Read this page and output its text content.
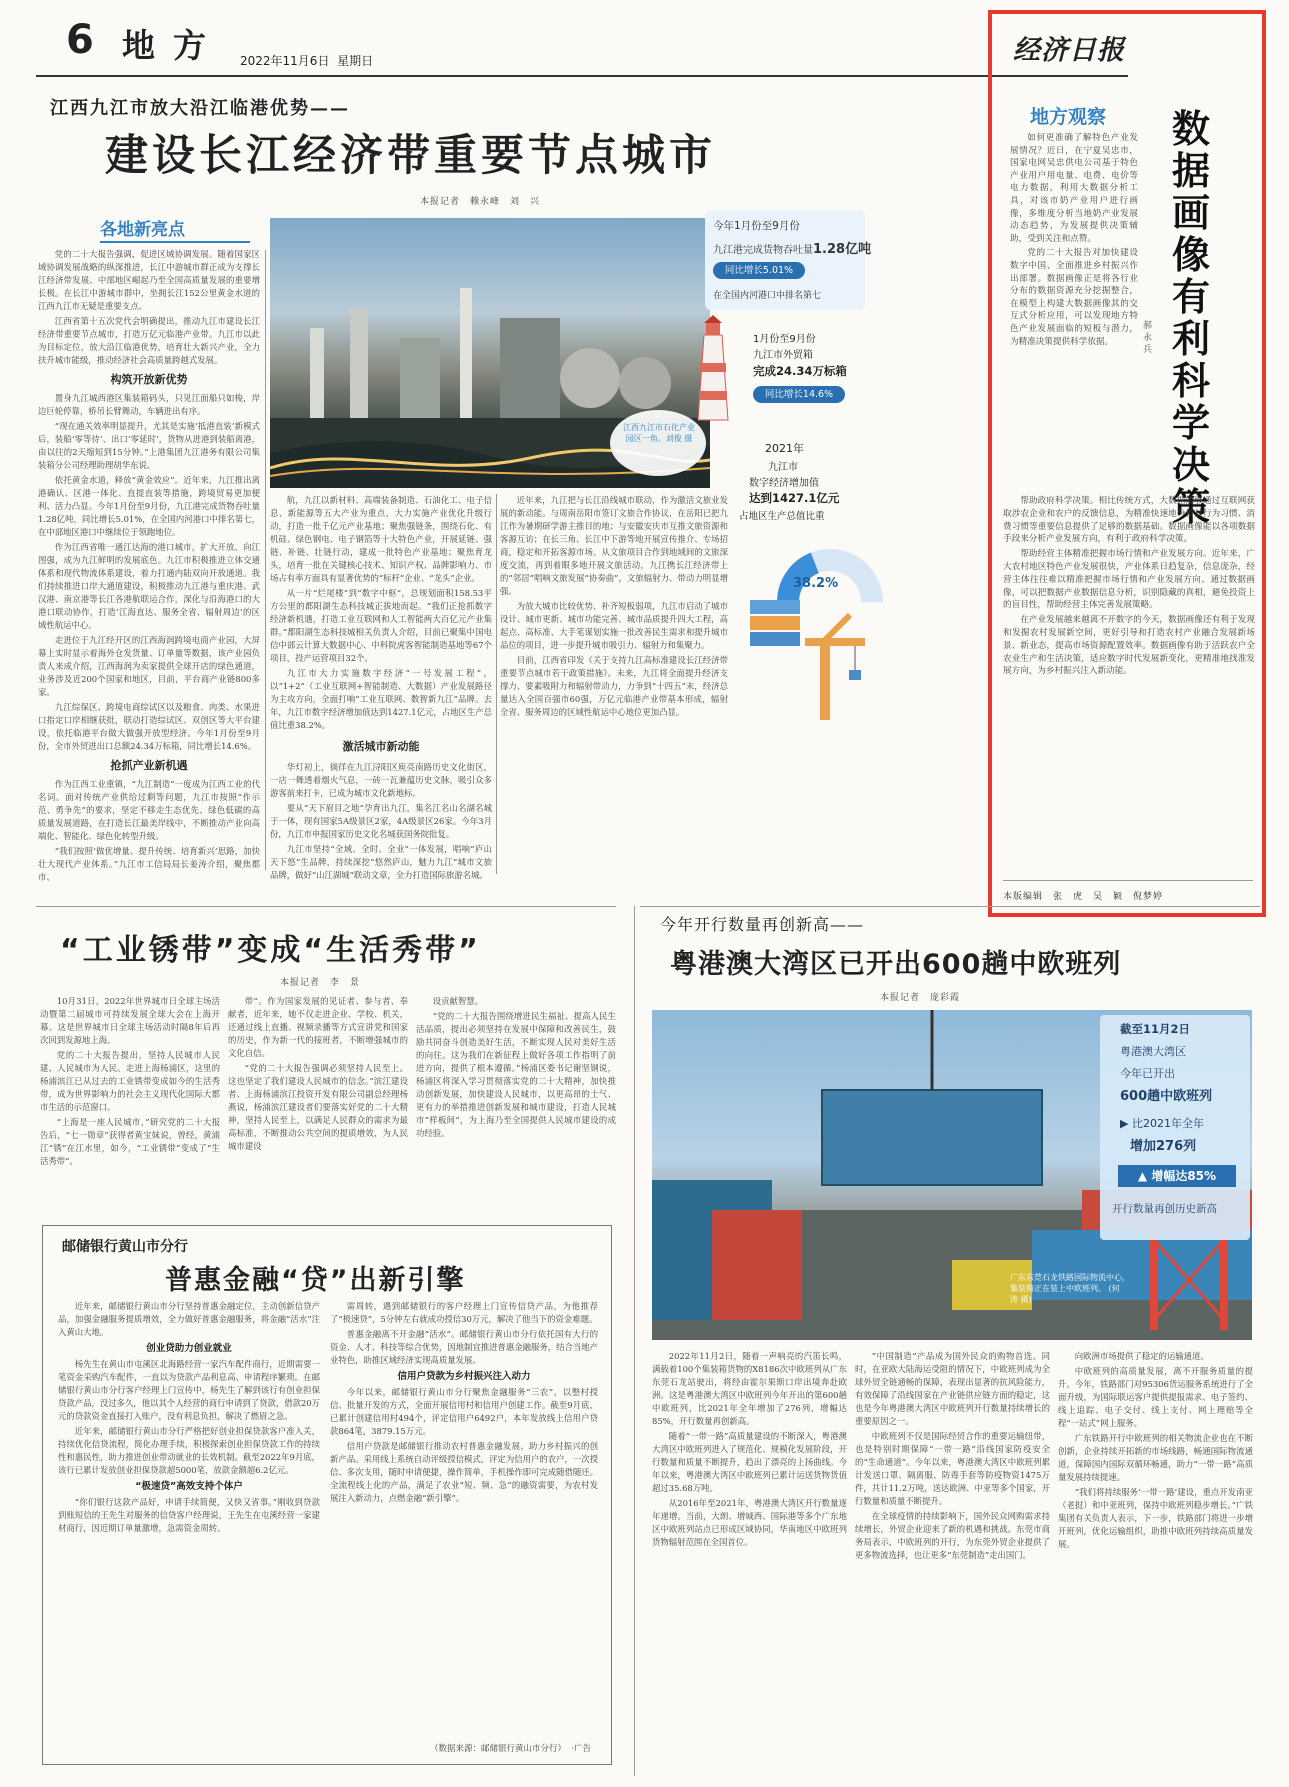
6 地方 2022年11月6日 星期日	经济日报
江西九江市放大沿江临港优势——
建设长江经济带重要节点城市
本报记者　赖永峰　刘　兴
各地新亮点

党的二十大报告强调，促进区域协调发展。随着国家区域协调发展战略的纵深推进，长江中游城市群正成为支撑长江经济带发展、中部地区崛起乃至全国高质量发展的重要增长极。在长江中游城市群中，坐拥长江152公里黄金水道的江西九江市无疑是重要支点。

江西省第十五次党代会明确提出，推动九江市建设长江经济带重要节点城市，打造万亿元临港产业带。九江市以此为目标定位，放大沿江临港优势，培育壮大新兴产业，全力扶升城市能级，推动经济社会高质量跨越式发展。

构筑开放新优势

置身九江城西港区集装箱码头，只见江面船只如梭，岸边巨轮停靠，桥吊长臂舞动，车辆进出有序。

“现在通关效率明显提升，尤其是实施‘抵港直装’新模式后，装船‘零等待’、出口‘零延时’，货物从进港到装船离港，由以往的2天缩短到15分钟。”上港集团九江港务有限公司集装箱分公司经理助理胡华东说。

依托黄金水道，释放“黄金效应”。近年来，九江推出离港确认、区港一体化、直提直装等措施，跨境贸易更加便利、活力凸显。今年1月份至9月份，九江港完成货物吞吐量1.28亿吨，同比增长5.01%，在全国内河港口中排名第七，在中部地区港口中继续位于领跑地位。

作为江西省唯一通江达海的港口城市，扩大开放、向江图强，成为九江鲜明的发展底色。九江市积极推进立体交通体系和现代物流体系建设，着力打通内陆双向开放通道。我们持续推进口岸大通道建设，积极推动九江港与重庆港、武汉港、南京港等长江各港航联运合作，深化与沿海港口的大港口联动协作，打造‘江海直达、服务全省、辐射周边’的区域性航运中心。

走进位于九江经开区的江西海润跨境电商产业园，大屏幕上实时显示着海外仓发货量、订单量等数据，该产业园负责人来成介绍，江西海润为卖家提供全球开店的绿色通道，业务涉及近200个国家和地区，目前，平台商产业链800多家。

九江综保区、跨境电商综试区以及粮食、肉类、水果进口指定口岸相继获批，联动打造综试区、双创区等大平台建设，依托临港平台做大做强开放型经济。今年1月份至9月份，全市外贸进出口总额24.34万标箱，同比增长14.6%。

抢抓产业新机遇

作为江西工业重镇，“九江制造”一度成为江西工业的代名词。面对传统产业供给过剩等问题，九江市按照“作示范、勇争先”的要求，坚定不移走生态优先、绿色低碳的高质量发展道路，在打造长江最美岸线中，不断推动产业向高端化、智能化、绿色化转型升级。

“我们按照‘做优增量、提升传统、培育新兴’思路，加快壮大现代产业体系。”九江市工信局局长姜涛介绍，聚焦都市、

江西九江市石化产业园区一角。刘俊 摄
今年1月份至9月份
九江港完成货物吞吐量1.28亿吨
同比增长5.01%
在全国内河港口中排名第七
1月份至9月份
九江市外贸箱
完成24.34万标箱
同比增长14.6%
2021年
九江市
数字经济增加值
达到1427.1亿元
占地区生产总值比重
38.2%

航，九江以新材料、高端装备制造、石油化工、电子信息、新能源等五大产业为重点，大力实施产业优化升级行动，打造一批千亿元产业基地；聚焦强链条，围绕石化、有机硅、绿色钢电、电子钢箔等十大特色产业，开展延链、强链、补链、壮链行动，建成一批特色产业基地；聚焦育龙头，培育一批在关键核心技术、知识产权、品牌影响力、市场占有率方面具有显著优势的“标杆”企业、“龙头”企业。

从一片“烂尾楼”到“数字中枢”，总规划面积158.53平方公里的都阳湖生态科技城正拔地而起。“我们正抢抓数字经济新机遇，打造工业互联网和人工智能两大百亿元产业集群。”都阳湖生态科技城相关负责人介绍，目前已聚集中国电信中部云计算大数据中心、中科院虎客智能制造基地等67个项目，投产运营项目32个。

九江市大力实施数字经济“一号发展工程”，以“1+2”（工业互联网+智能制造、大数据）产业发展路径为主攻方向，全面打响“工业互联网、数智新九江”品牌。去年，九江市数字经济增加值达到1427.1亿元，占地区生产总值比重38.2%。

激活城市新动能

华灯初上，徜徉在九江浔阳区庾亮南路历史文化街区，一店一舞透着烟火气息，一砖一瓦兼蕴历史文脉，吸引众多游客前来打卡，已成为城市文化新地标。

要从“天下眉目之地”孕育出九江，集名江名山名湖名城于一体，现有国家5A级景区2家，4A级景区26家。今年3月份，九江市申报国家历史文化名城获国务院批复。

九江市坚持“全域、全时、全业”一体发展，唱响“庐山天下悠”生品牌，持续深挖“悠然庐山，魅力九江”城市文旅品牌，做好“山江湖城”联动文章，全力打造国际旅游名城。

近年来，九江把与长江沿线城市联动，作为激活文旅业发展的新动能。与周南岳阳市签订文旅合作协议，在岳阳已把九江作为暑期研学游主推目的地；与安徽安庆市互推文旅资源和客源互访；在长三角、长江中下游等地开展宣传推介、专场招商，稳定和开拓客源市场。从文旅项目合作到地域间的文旅深度交流，再到着眼多地开展文旅活动，九江携长江经济带上的“邻居”唱响文旅发展“协奏曲”，文旅辐射力、带动力明显增强。

为放大城市比较优势、补齐短板弱项，九江市启动了城市设计、城市更新、城市功能完善、城市品质提升四大工程，高起点、高标准、大手笔谋划实施一批改善民生需求和提升城市品位的项目，进一步提升城市吸引力、辐射力和集聚力。

目前，江西省印发《关于支持九江高标准建设长江经济带重要节点城市若干政策措施》。未来，九江将全面提升经济支撑力、要素吸附力和辐射带动力，力争到“十四五”末，经济总量达入全国百强市60强，万亿元临港产业带基本形成，辐射全省、服务周边的区域性航运中心地位更加凸显。

地方观察 数据画像有利科学决策
郝永兵

如何更准确了解特色产业发展情况？近日，在宁夏吴忠市，国家电网吴忠供电公司基于特色产业用户用电量、电费、电价等电力数据，利用大数据分析工具，对该市奶产业用户进行画像，多维度分析当地奶产业发展动态趋势，为发展提供决策辅助，受到关注和点赞。

党的二十大报告对加快建设数字中国、全面推进乡村振兴作出部署。数据画像正是将各行业分布的数据资源充分挖掘整合，在模型上构建大数据画像其的交互式分析应用，可以发现地方特色产业发展面临的短板与潜力，为精准决策提供科学依据。

帮助政府科学决策。相比传统方式，大数据能够通过互联网获取涉农企业和农户的反馈信息，为精准快速地分析其行为习惯、消费习惯等重要信息提供了足够的数据基础。数据画像能以各项数据手段来分析产业发展方向，有利于政府科学决策。

帮助经营主体精准把握市场行情和产业发展方向。近年来，广大农村地区特色产业发展很快，产业体系日趋复杂，信息庞杂，经营主体往往难以精准把握市场行情和产业发展方向。通过数据画像，可以把数据产业数据信息分析，识别隐藏的真相，避免投资上的盲目性，帮助经营主体完善发展策略。

在产业发展越来越离不开数字的今天，数据画像还有利于发现和发掘农村发展新空间，更好引导和打造农村产业融合发展新场景、新业态，提高市场资源配置效率。数据画像有助于活跃农户全农业生产和生活决策，适应数字时代发展新变化，更精准地找准发展方向，为乡村振兴注入新动能。

本版编辑　张　虎　吴　颖　倪梦婷
“工业锈带”变成“生活秀带”
本报记者　李　景

10月31日，2022年世界城市日全球主场活动暨第二届城市可持续发展全球大会在上海开幕。这是世界城市日全球主场活动时隔8年后再次回到发源地上海。

党的二十大报告提出，坚持人民城市人民建、人民城市为人民。走进上海杨浦区，这里的杨浦滨江已从过去的工业锈带变成如今的生活秀带，成为世界影响力的社会主义现代化国际大都市生活的示范窗口。

“上海是一座人民城市，”研究党的二十大报告后，“七一勋章”获得者黄宝妹说，曾经，黄浦江“锈”在江水里，如今，“工业锈带”变成了“生活秀带”。

带”。作为国家发展的见证者、参与者、奉献者，近年来，她不仅走进企业、学校、机关，还通过线上直播、视频录播等方式宣讲党和国家的历史，作为新一代的接班者，不断增强城市的文化自信。

“党的二十大报告强调必须坚持人民至上。这也坚定了我们建设人民城市的信念。”滨江建设者、上海杨浦滨江投资开发有限公司副总经理杨燕说，杨浦滨江建设者们要落实好党的二十大精神，坚持人民至上，以满足人民群众的需求为最高标准，不断推动公共空间的提质增效，为人民城市建设

设贡献智慧。

“党的二十大报告围绕增进民生福祉、提高人民生活品质，提出必须坚持在发展中保障和改善民生，鼓励共同奋斗创造美好生活，不断实现人民对美好生活的向往。这为我们在新征程上做好各项工作指明了前进方向，提供了根本遵循。”杨浦区委书记谢坚钢说，杨浦区将深入学习贯彻落实党的二十大精神，加快推动创新发展，加快建设人民城市，以更高昂的士气、更有力的举措推进创新发展和城市建设，打造人民城市“样板间”，为上海乃至全国提供人民城市建设的成功经验。

邮储银行黄山市分行
普惠金融“贷”出新引擎

近年来，邮储银行黄山市分行坚持普惠金融定位，主动创新信贷产品，加强金融服务提质增效，全力做好普惠金融服务，将金融“活水”注入黄山大地。

创业贷助力创业就业

杨先生在黄山市屯溪区北海路经营一家汽车配件商行，近期需要一笔资金采购汽车配件，一直以为贷款产品利息高、申请程序繁琐。在邮储银行黄山市分行客户经理上门宣传中，杨先生了解到该行有创业担保贷款产品，没过多久，他以其个人经营的商行申请到了贷款，借款20万元的贷款资金直接打入账户，没有利息负担，解决了燃眉之急。

近年来，邮储银行黄山市分行严格把好创业担保贷款客户准入关，持续优化信贷流程，简化办理手续，积极探索创业担保贷款工作的持续性和惠民性，助力推进创业带动就业的长效机制。截至2022年9月底，该行已累计发放创业担保贷款超5000笔，放款金额超6.2亿元。

“极速贷”高效支持个体户

“你们银行这款产品好，申请手续简便，又快又省事。”刚收到贷款到账短信的王先生对服务的信贷客户经理说，王先生在屯溪经营一家建材商行，因近期订单量激增，急需资金周转。

需周转，遇到邮储银行的客户经理上门宣传信贷产品，为他推荐了“极速贷”，5分钟左右就成功授信30万元，解决了他当下的资金难题。

普惠金融离不开金融“活水”。邮储银行黄山市分行依托国有大行的资金、人才、科技等综合优势，因地制宜推进普惠金融服务，结合当地产业特色，助推区域经济实现高质量发展。

信用户贷款为乡村振兴注入动力

今年以来，邮储银行黄山市分行聚焦金融服务“三农”，以整村授信、批量开发的方式，全面开展信用村和信用户创建工作。截至9月底，已累计创建信用村494个，评定信用户6492户，本年发放线上信用户贷款864笔，3879.15万元。

信用户贷款是邮储银行推动农村普惠金融发展、助力乡村振兴的创新产品。采用线上系统自动评级授信模式，评定为信用户的农户，一次授信、多次支用，随时申请便捷，操作简单，手机操作即可完成随借随还。全流程线上化的产品，满足了农业“短、频、急”的融资需要，为农村发展注入新动力，点燃金融“新引擎”。

（数据来源：邮储银行黄山市分行） ·广告
今年开行数量再创新高——
粤港澳大湾区已开出600趟中欧班列
本报记者　庞彩霞
截至11月2日
粤港澳大湾区
今年已开出
600趟中欧班列
▶ 比2021年全年
增加276列
▲ 增幅达85%
开行数量再创历史新高
广东东莞石龙铁路国际物流中心，集装箱正在装上中欧班列。 (何 涛 摄)

2022年11月2日，随着一声响亮的汽笛长鸣，满载着100个集装箱货物的X8186次中欧班列从广东东莞石龙站驶出，将经由霍尔果斯口岸出境奔赴欧洲。这是粤港澳大湾区中欧班列今年开出的第600趟中欧班列，比2021年全年增加了276列，增幅达85%，开行数量再创新高。

随着“一带一路”高质量建设的不断深入，粤港澳大湾区中欧班列进入了规范化、规模化发展阶段，开行数量和质量不断提升，趋出了漂亮的上扬曲线。今年以来，粤港澳大湾区中欧班列已累计运送货物货值超过35.68万吨。

从2016年至2021年，粤港澳大湾区开行数量逐年递增。当前，大朗、增城西、国际港等多个广东地区中欧班列站点已形成区域协同，华南地区中欧班列货物辐射范围在全国首位。

“中国制造”产品成为国外民众的购物首选。同时，在亚欧大陆海运受阻的情况下，中欧班列成为全球外贸全链通畅的保障，表现出显著的抗风险能力，有效保障了沿线国家在产业链供应链方面的稳定，这也是今年粤港澳大湾区中欧班列开行数量持续增长的重要原因之一。

中欧班列不仅是国际经贸合作的重要运输纽带，也是特别时期保障“一带一路”沿线国家防疫安全的“生命通道”。今年以来，粤港澳大湾区中欧班列累计发送口罩、隔离服、防毒手套等防疫物资1475万件，共计11.2万吨，送达欧洲、中亚等多个国家，开行数量和质量不断提升。

在全球疫情的持续影响下，国外民众网购需求持续增长，外贸企业迎来了新的机遇和挑战。东莞市商务局表示，中欧班列的开行，为东莞外贸企业提供了更多物流选择，也让更多“东莞制造”走出国门。

向欧洲市场提供了稳定的运输通道。

中欧班列的高质量发展，离不开服务质量的提升。今年，铁路部门对95306货运服务系统进行了全面升级，为国际联运客户提供提报需求、电子签约、线上追踪、电子交付、线上支付、网上理赔等全程“一站式”网上服务。

广东铁路开行中欧班列的相关物流企业也在不断创新，企业持续开拓新的市场线路，畅通国际物流通道，保障国内国际双循环畅通，助力“一带一路”高质量发展持续提速。

“我们将持续服务‘一带一路’建设，重点开发南亚（老挝）和中亚班列，保持中欧班列稳步增长。”广铁集团有关负责人表示，下一步，铁路部门将进一步增开班列，优化运输组织，助推中欧班列持续高质量发展。
